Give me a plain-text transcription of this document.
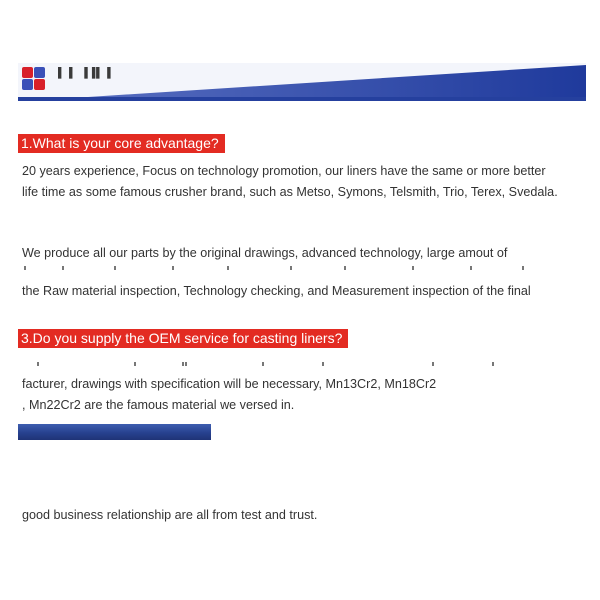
▌▐ ▐▐▌▐
1.What is your core advantage?
20 years experience, Focus on technology promotion, our liners have the same or more better
life time as some famous crusher brand, such as Metso, Symons, Telsmith, Trio, Terex, Svedala.
We produce all our parts by the original drawings, advanced technology, large amout of
the Raw material inspection, Technology checking, and Measurement inspection of the final
3.Do you supply the OEM service for casting liners?
facturer, drawings with specification will be necessary, Mn13Cr2, Mn18Cr2
, Mn22Cr2 are the famous material we versed in.
good business relationship are all from test and trust.
